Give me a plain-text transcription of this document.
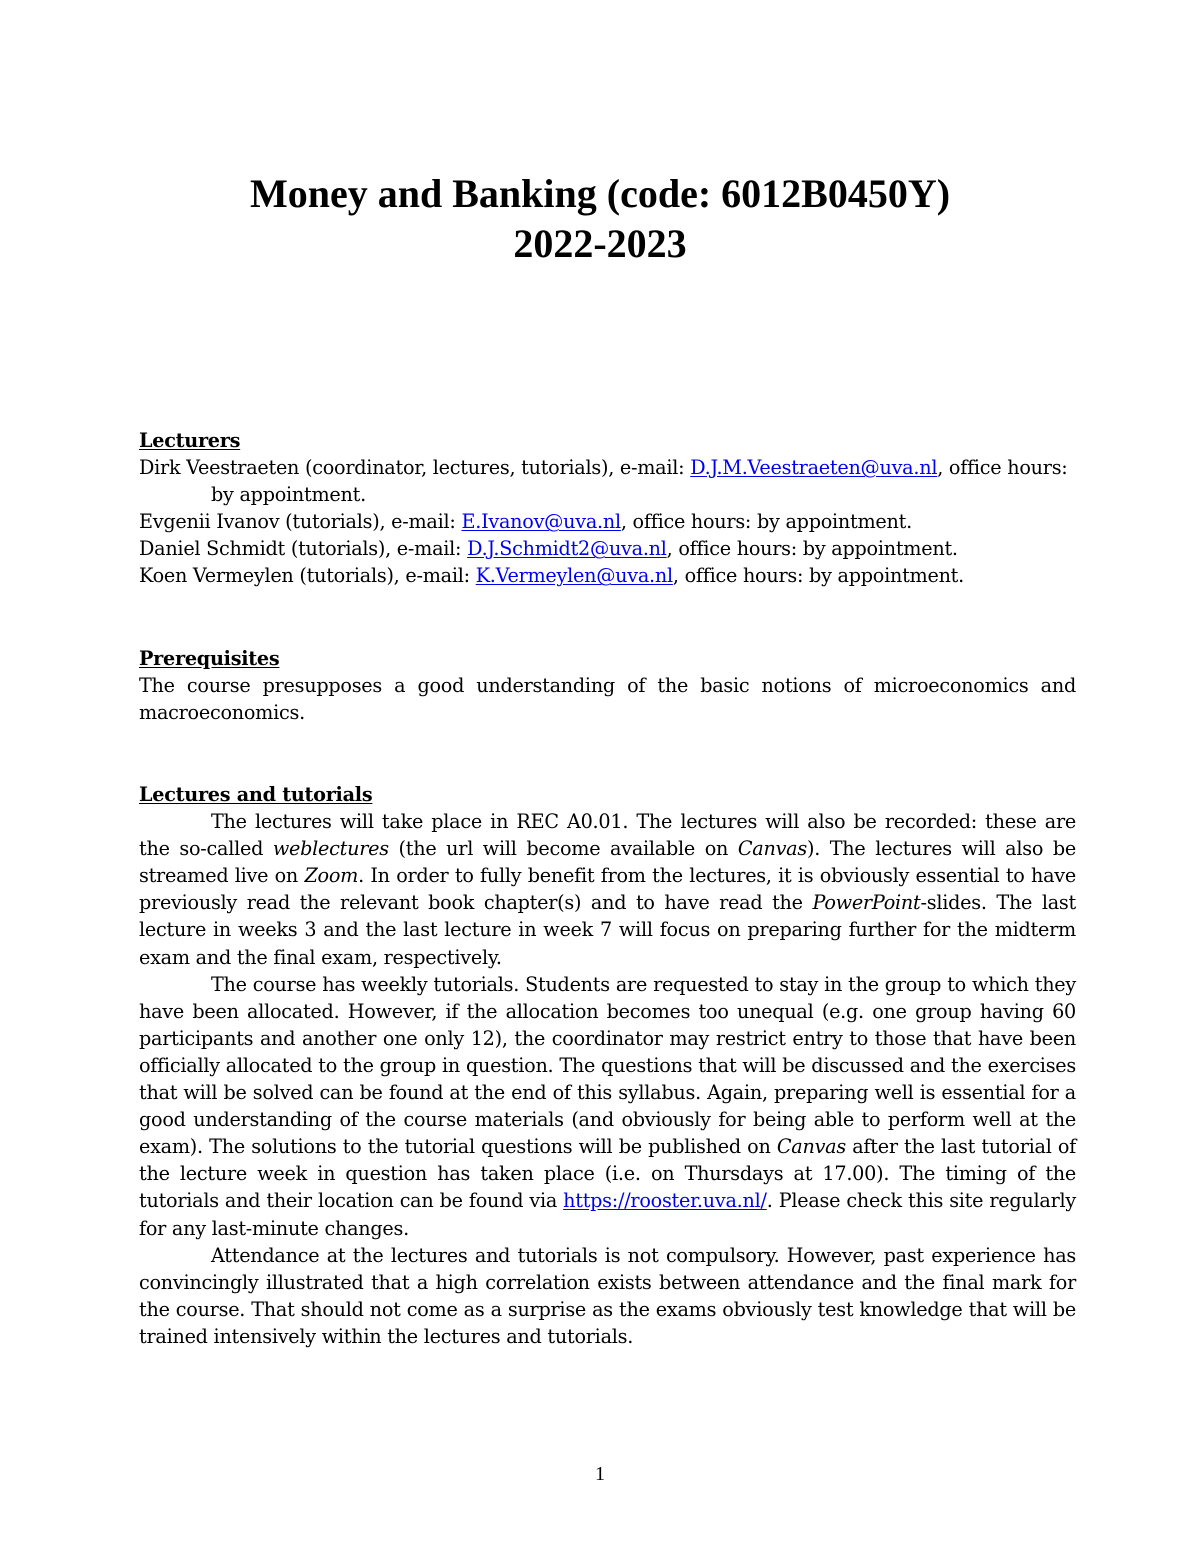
Money and Banking (code: 6012B0450Y)
2022-2023
Lecturers
Dirk Veestraeten (coordinator, lectures, tutorials), e-mail: D.J.M.Veestraeten@uva.nl, office hours:
by appointment.
Evgenii Ivanov (tutorials), e-mail: E.Ivanov@uva.nl, office hours: by appointment.
Daniel Schmidt (tutorials), e-mail: D.J.Schmidt2@uva.nl, office hours: by appointment.
Koen Vermeylen (tutorials), e-mail: K.Vermeylen@uva.nl, office hours: by appointment.
Prerequisites

The course presupposes a good understanding of the basic notions of microeconomics and macroeconomics.

Lectures and tutorials

The lectures will take place in REC A0.01. The lectures will also be recorded: these are the so-called weblectures (the url will become available on Canvas). The lectures will also be streamed live on Zoom. In order to fully benefit from the lectures, it is obviously essential to have previously read the relevant book chapter(s) and to have read the PowerPoint-slides. The last lecture in weeks 3 and the last lecture in week 7 will focus on preparing further for the midterm exam and the final exam, respectively.

The course has weekly tutorials. Students are requested to stay in the group to which they have been allocated. However, if the allocation becomes too unequal (e.g. one group having 60 participants and another one only 12), the coordinator may restrict entry to those that have been officially allocated to the group in question. The questions that will be discussed and the exercises that will be solved can be found at the end of this syllabus. Again, preparing well is essential for a good understanding of the course materials (and obviously for being able to perform well at the exam). The solutions to the tutorial questions will be published on Canvas after the last tutorial of the lecture week in question has taken place (i.e. on Thursdays at 17.00). The timing of the tutorials and their location can be found via https://rooster.uva.nl/. Please check this site regularly for any last-minute changes.

Attendance at the lectures and tutorials is not compulsory. However, past experience has convincingly illustrated that a high correlation exists between attendance and the final mark for the course. That should not come as a surprise as the exams obviously test knowledge that will be trained intensively within the lectures and tutorials.

1
